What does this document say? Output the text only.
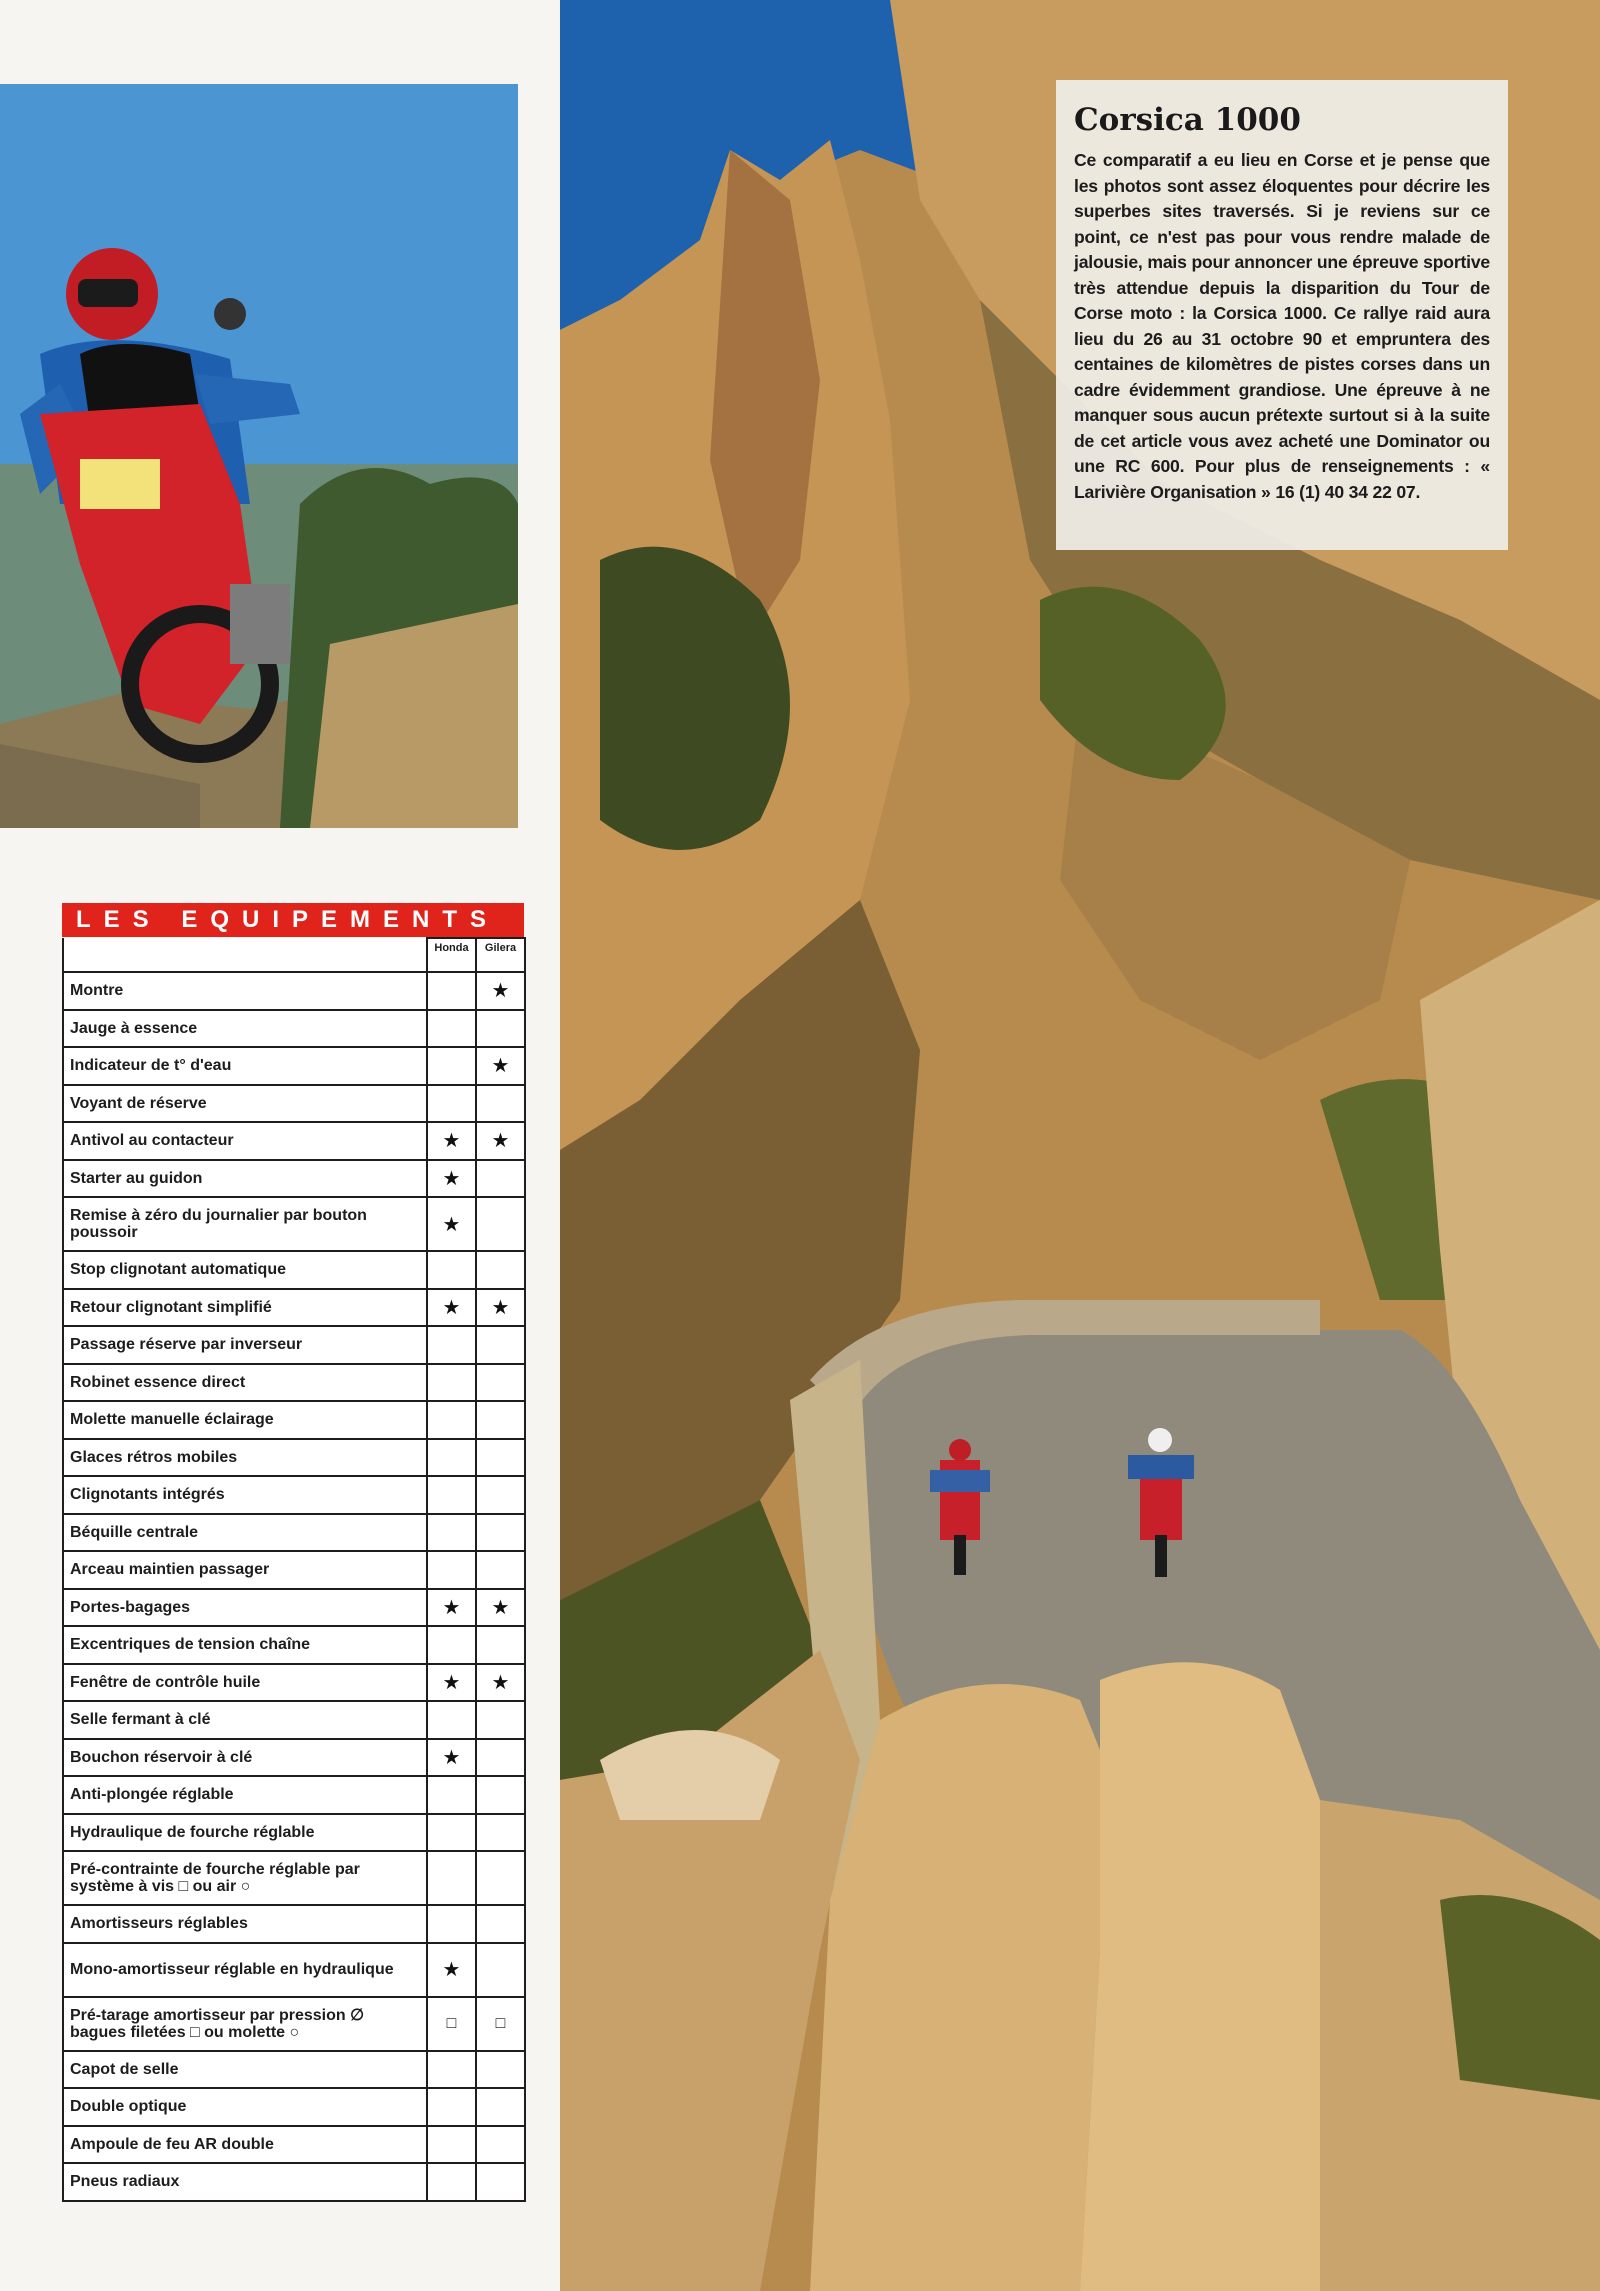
Corsica 1000

Ce comparatif a eu lieu en Corse et je pense que les photos sont assez éloquentes pour décrire les superbes sites traversés. Si je reviens sur ce point, ce n'est pas pour vous rendre malade de jalousie, mais pour annoncer une épreuve sportive très attendue depuis la disparition du Tour de Corse moto : la Corsica 1000. Ce rallye raid aura lieu du 26 au 31 octobre 90 et empruntera des centaines de kilomètres de pistes corses dans un cadre évidemment grandiose. Une épreuve à ne manquer sous aucun prétexte surtout si à la suite de cet article vous avez acheté une Dominator ou une RC 600. Pour plus de renseignements : « Larivière Organisation » 16 (1) 40 34 22 07.

LES EQUIPEMENTS
	Honda	Gilera
Montre		★
Jauge à essence		
Indicateur de t° d'eau		★
Voyant de réserve		
Antivol au contacteur	★	★
Starter au guidon	★	
Remise à zéro du journalier par bouton poussoir	★	
Stop clignotant automatique		
Retour clignotant simplifié	★	★
Passage réserve par inverseur		
Robinet essence direct		
Molette manuelle éclairage		
Glaces rétros mobiles		
Clignotants intégrés		
Béquille centrale		
Arceau maintien passager		
Portes-bagages	★	★
Excentriques de tension chaîne		
Fenêtre de contrôle huile	★	★
Selle fermant à clé		
Bouchon réservoir à clé	★	
Anti-plongée réglable		
Hydraulique de fourche réglable		
Pré-contrainte de fourche réglable par système à vis □ ou air ○		
Amortisseurs réglables		
Mono-amortisseur réglable en hydraulique	★	
Pré-tarage amortisseur par pression ∅ bagues filetées □ ou molette ○	□	□
Capot de selle		
Double optique		
Ampoule de feu AR double		
Pneus radiaux		
